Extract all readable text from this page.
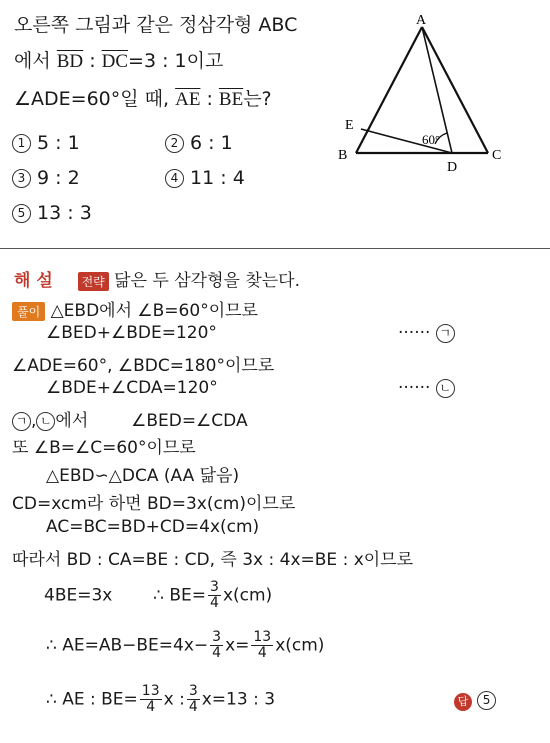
오른쪽 그림과 같은 정삼각형 ABC
에서 $\overline{BD}$ : $\overline{DC}=3$ : 1이고
∠ADE=60°일 때, $\overline{AE}$ : $\overline{BE}$는?
1 5 : 1	2 6 : 1
3 9 : 2	4 11 : 4
5 13 : 3
A
B	C
D
E
60°
해 설 전략 닮은 두 삼각형을 찾는다.
풀이 △EBD에서 ∠B=60°이므로
∠BED+∠BDE=120°	······ ㄱ
∠ADE=60°, ∠BDC=180°이므로
∠BDE+∠CDA=120°	······ ㄴ
ㄱ , ㄴ 에서	∠BED=∠CDA
또 ∠B=∠C=60°이므로
△EBD∽△DCA (AA 닮음)
CD=xcm라 하면 BD=3x(cm)이므로
AC=BC=BD+CD=4x(cm)
따라서 BD : CA=BE : CD, 즉 3x : 4x=BE : x이므로
4BE=3x ∴ $BE= \frac{3}{4} x(cm)$
∴ $AE=AB-BE=4x- \frac{3}{4} x= \frac{13}{4} x(cm)$
∴ AE : $BE= \frac{13}{4}$ x : $\frac{3}{4} x=13$ : 3	답 5
